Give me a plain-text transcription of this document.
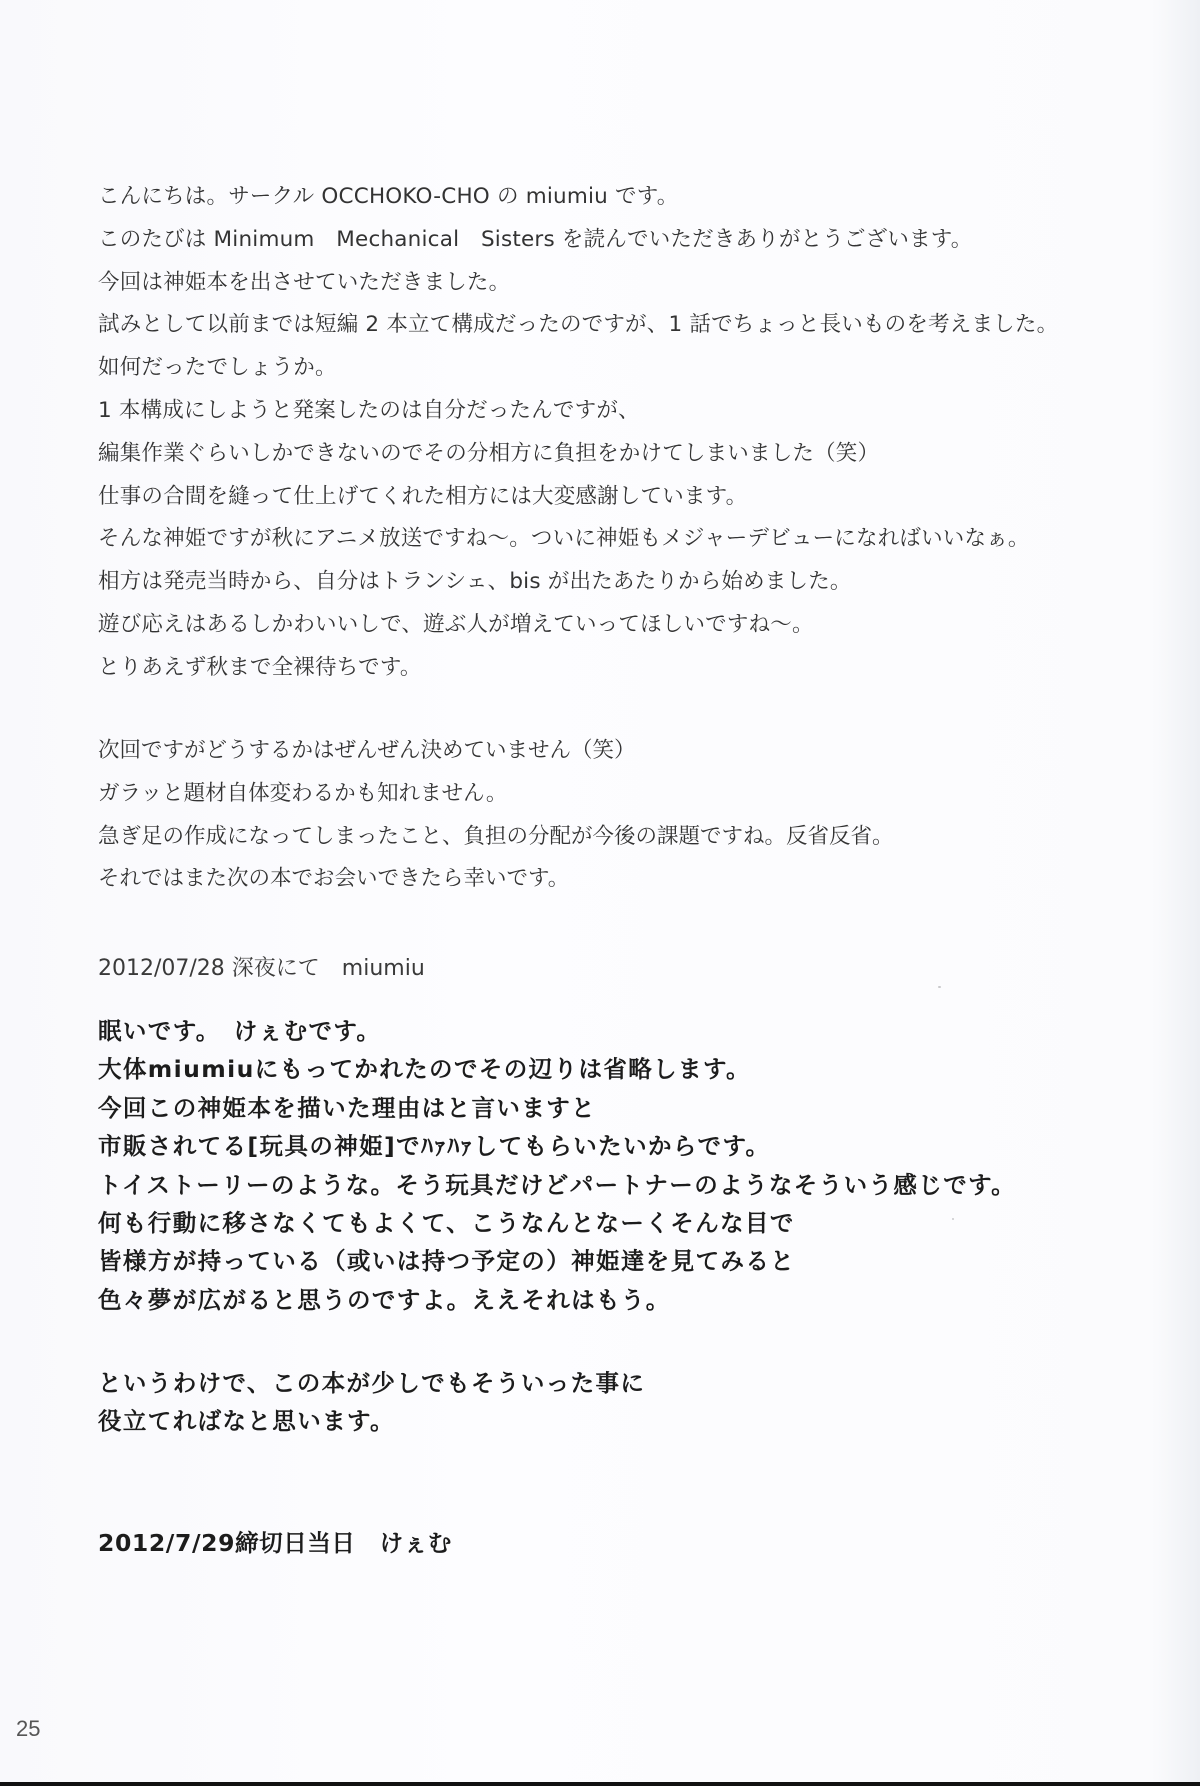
こんにちは。サークル OCCHOKO-CHO の miumiu です。
このたびは Minimum　Mechanical　Sisters を読んでいただきありがとうございます。
今回は神姫本を出させていただきました。
試みとして以前までは短編 2 本立て構成だったのですが、1 話でちょっと長いものを考えました。
如何だったでしょうか。
1 本構成にしようと発案したのは自分だったんですが、
編集作業ぐらいしかできないのでその分相方に負担をかけてしまいました（笑）
仕事の合間を縫って仕上げてくれた相方には大変感謝しています。
そんな神姫ですが秋にアニメ放送ですね～。ついに神姫もメジャーデビューになればいいなぁ。
相方は発売当時から、自分はトランシェ、bis が出たあたりから始めました。
遊び応えはあるしかわいいしで、遊ぶ人が増えていってほしいですね～。
とりあえず秋まで全裸待ちです。
次回ですがどうするかはぜんぜん決めていません（笑）
ガラッと題材自体変わるかも知れません。
急ぎ足の作成になってしまったこと、負担の分配が今後の課題ですね。反省反省。
それではまた次の本でお会いできたら幸いです。
2012/07/28 深夜にて　miumiu
眠いです。　けぇむです。
大体miumiuにもってかれたのでその辺りは省略します。
今回この神姫本を描いた理由はと言いますと
市販されてる[玩具の神姫]でﾊｧﾊｧしてもらいたいからです。
トイストーリーのような。そう玩具だけどパートナーのようなそういう感じです。
何も行動に移さなくてもよくて、こうなんとなーくそんな目で
皆様方が持っている（或いは持つ予定の）神姫達を見てみると
色々夢が広がると思うのですよ。ええそれはもう。
というわけで、この本が少しでもそういった事に
役立てればなと思います。
2012/7/29締切日当日　けぇむ
25
